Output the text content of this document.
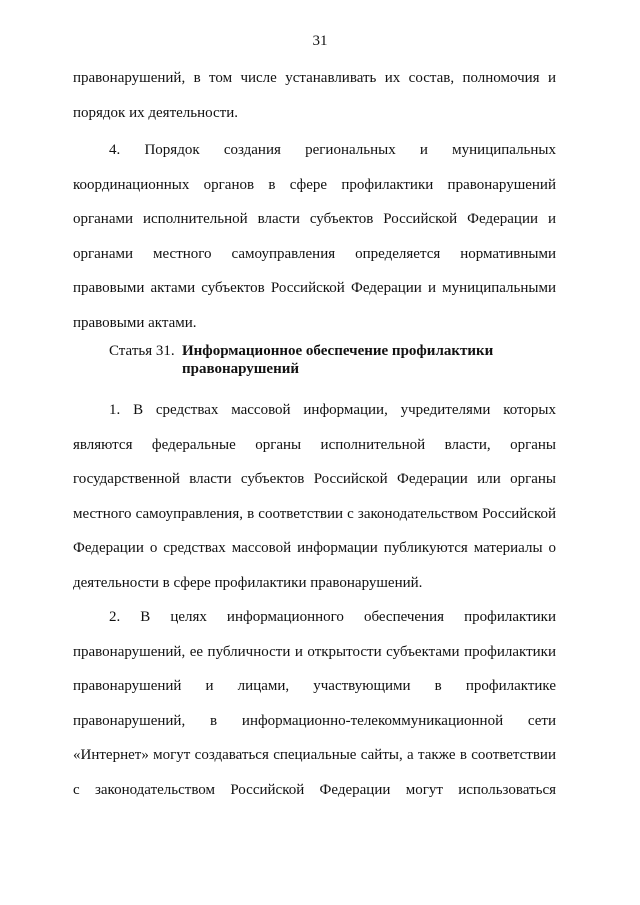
31

правонарушений, в том числе устанавливать их состав, полномочия и

порядок их деятельности.

4. Порядок создания региональных и муниципальных

координационных органов в сфере профилактики правонарушений

органами исполнительной власти субъектов Российской Федерации и

органами местного самоуправления определяется нормативными

правовыми актами субъектов Российской Федерации и муниципальными

правовыми актами.

Статья 31. Информационное обеспечение профилактики
правонарушений

1. В средствах массовой информации, учредителями которых

являются федеральные органы исполнительной власти, органы

государственной власти субъектов Российской Федерации или органы

местного самоуправления, в соответствии с законодательством Российской

Федерации о средствах массовой информации публикуются материалы о

деятельности в сфере профилактики правонарушений.

2. В целях информационного обеспечения профилактики

правонарушений, ее публичности и открытости субъектами профилактики

правонарушений и лицами, участвующими в профилактике

правонарушений, в информационно-телекоммуникационной сети

«Интернет» могут создаваться специальные сайты, а также в соответствии

с законодательством Российской Федерации могут использоваться
